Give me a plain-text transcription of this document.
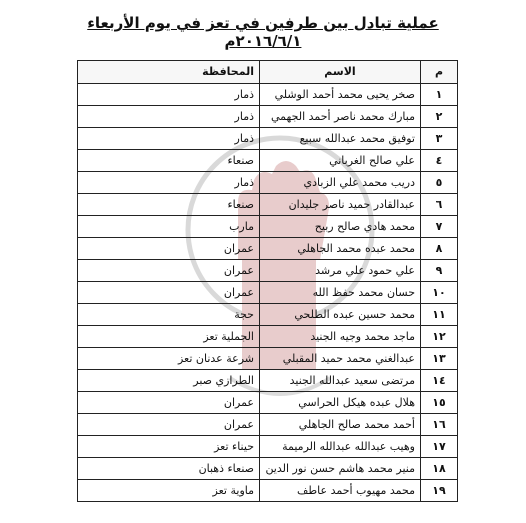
عملية تبادل بين طرفين في تعز في يوم الأربعاء ٢٠١٦/٦/١م
م	الاسم	المحافظة
١	صخر يحيى محمد أحمد الوشلي	ذمار
٢	مبارك محمد ناصر أحمد الجهمي	ذمار
٣	توفيق محمد عبدالله سبيع	ذمار
٤	علي صالح الغرباني	صنعاء
٥	دريب محمد علي الزبادي	ذمار
٦	عبدالقادر حميد ناصر جليدان	صنعاء
٧	محمد هادي صالح ربيح	مارب
٨	محمد عبده محمد الجاهلي	عمران
٩	علي حمود علي مرشد	عمران
١٠	حسان محمد حفظ الله	عمران
١١	محمد حسين عبده الطلحي	حجة
١٢	ماجد محمد وجيه الجنيد	الجملية تعز
١٣	عبدالغني محمد حميد المقبلي	شرعة عدنان تعز
١٤	مرتضى سعيد عبدالله الجنيد	الطرازي صبر
١٥	هلال عبده هيكل الحراسي	عمران
١٦	أحمد محمد صالح الجاهلي	عمران
١٧	وهيب عبدالله عبدالله الرميمة	حيناء تعز
١٨	منير محمد هاشم حسن نور الدين	صنعاء ذهبان
١٩	محمد مهيوب أحمد عاطف	ماوية تعز
